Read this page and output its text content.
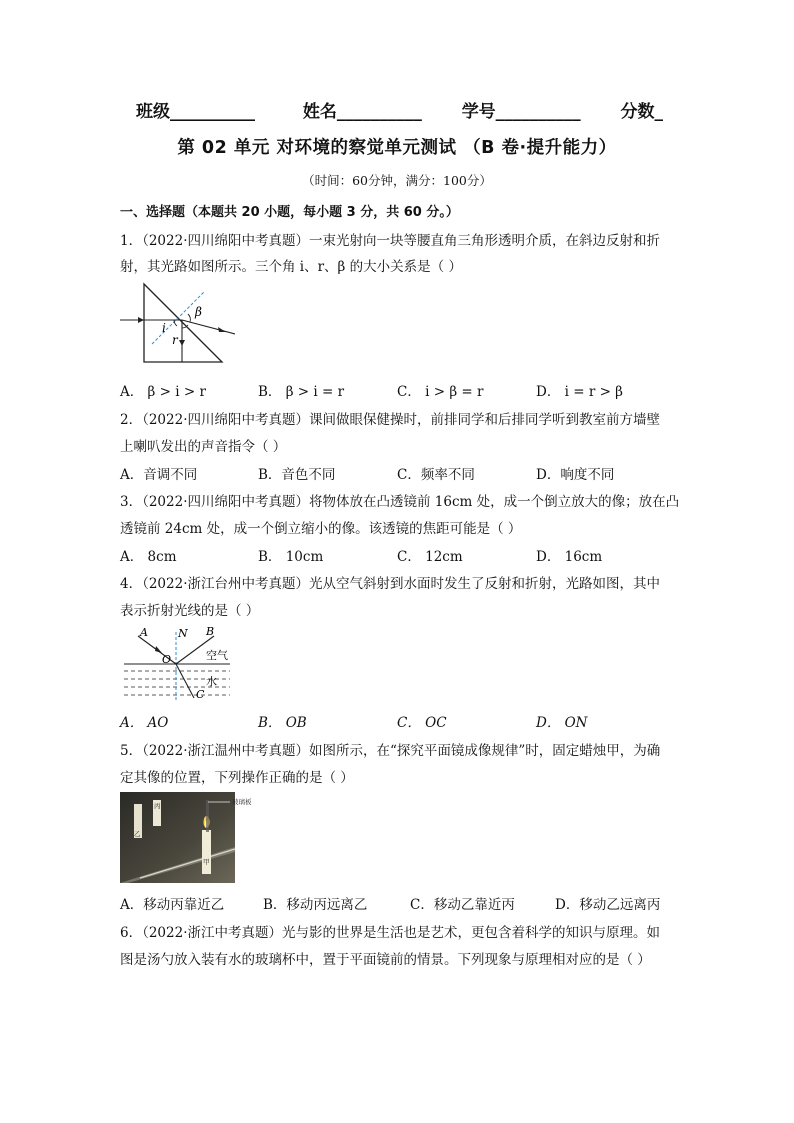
班级__________	姓名__________ 学号__________ 分数_
第 02 单元 对环境的察觉单元测试 （B 卷·提升能力）
（时间：60分钟，满分：100分）
一、选择题（本题共 20 小题，每小题 3 分，共 60 分。）
1．（2022·四川绵阳中考真题）一束光射向一块等腰直角三角形透明介质，在斜边反射和折
射，其光路如图所示。三个角 i、r、β 的大小关系是（ ）
i
r
β
A． β > i > r	B． β > i = r	C． i > β = r	D． i = r > β
2．（2022·四川绵阳中考真题）课间做眼保健操时，前排同学和后排同学听到教室前方墙壁
上喇叭发出的声音指令（ ）
A．音调不同	B．音色不同	C．频率不同	D．响度不同
3．（2022·四川绵阳中考真题）将物体放在凸透镜前 16cm 处，成一个倒立放大的像；放在凸
透镜前 24cm 处，成一个倒立缩小的像。该透镜的焦距可能是（ ）
A． 8cm	B． 10cm	C． 12cm	D． 16cm
4．（2022·浙江台州中考真题）光从空气斜射到水面时发生了反射和折射，光路如图，其中
表示折射光线的是（ ）
A	N B
O
C
空气
水
A． AO	B． OB	C． OC	D． ON
5．（2022·浙江温州中考真题）如图所示，在“探究平面镜成像规律”时，固定蜡烛甲，为确
定其像的位置，下列操作正确的是（ ）
玻璃板
乙
丙
甲
A．移动丙靠近乙	B．移动丙远离乙	C．移动乙靠近丙	D．移动乙远离丙
6．（2022·浙江中考真题）光与影的世界是生活也是艺术，更包含着科学的知识与原理。如
图是汤勺放入装有水的玻璃杯中，置于平面镜前的情景。下列现象与原理相对应的是（ ）
